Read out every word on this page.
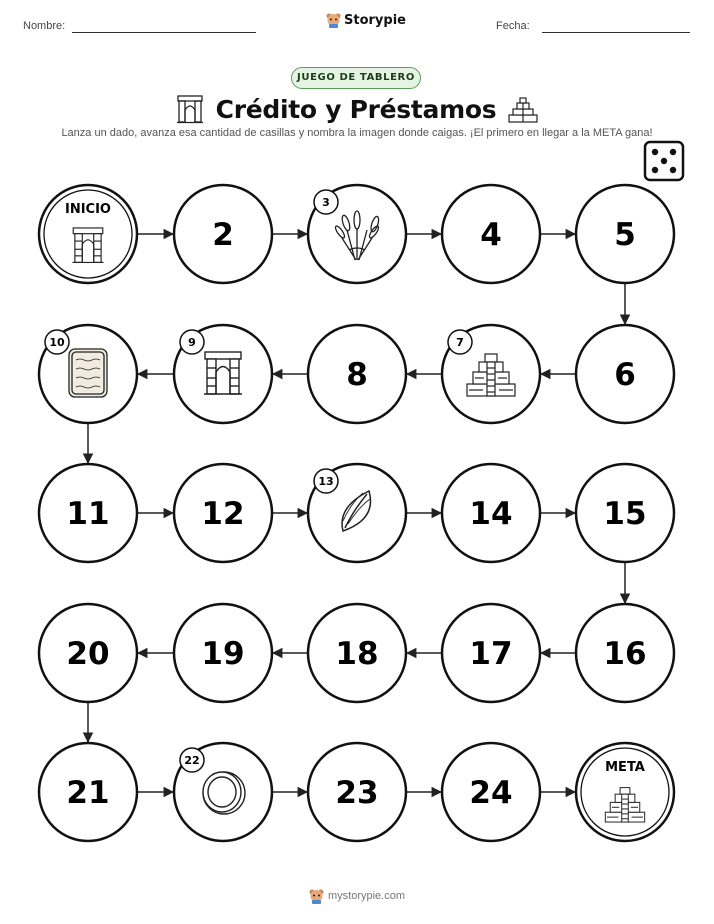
Nombre:	Storypie	Fecha:
JUEGO DE TABLERO
Crédito y Préstamos
Lanza un dado, avanza esa cantidad de casillas y nombra la imagen donde caigas. ¡El primero en llegar a la META gana!
INICIO
2
3
4	5
6
7
8
9
10
11	12
13
14	15
16
17
18
19
20
21
22
23	24
META
mystorypie.com
